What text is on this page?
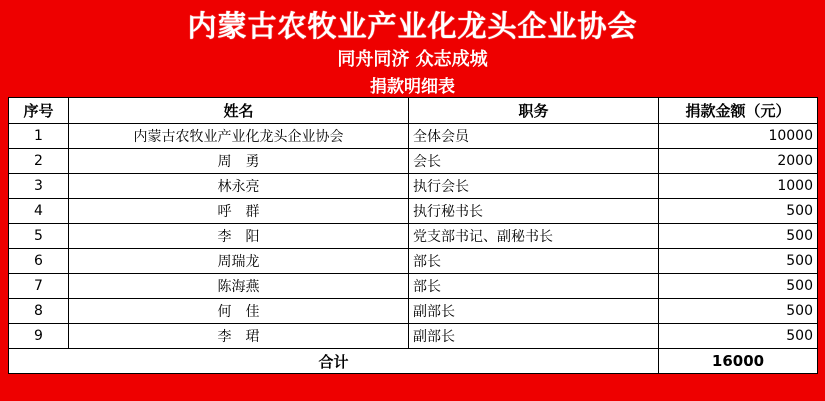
内蒙古农牧业产业化龙头企业协会
同舟同济 众志成城
捐款明细表
序号	姓名	职务	捐款金额（元）
1	内蒙古农牧业产业化龙头企业协会	全体会员	10000
2	周　勇	会长	2000
3	林永亮	执行会长	1000
4	呼　群	执行秘书长	500
5	李　阳	党支部书记、副秘书长	500
6	周瑞龙	部长	500
7	陈海燕	部长	500
8	何　佳	副部长	500
9	李　珺	副部长	500
合计			16000
